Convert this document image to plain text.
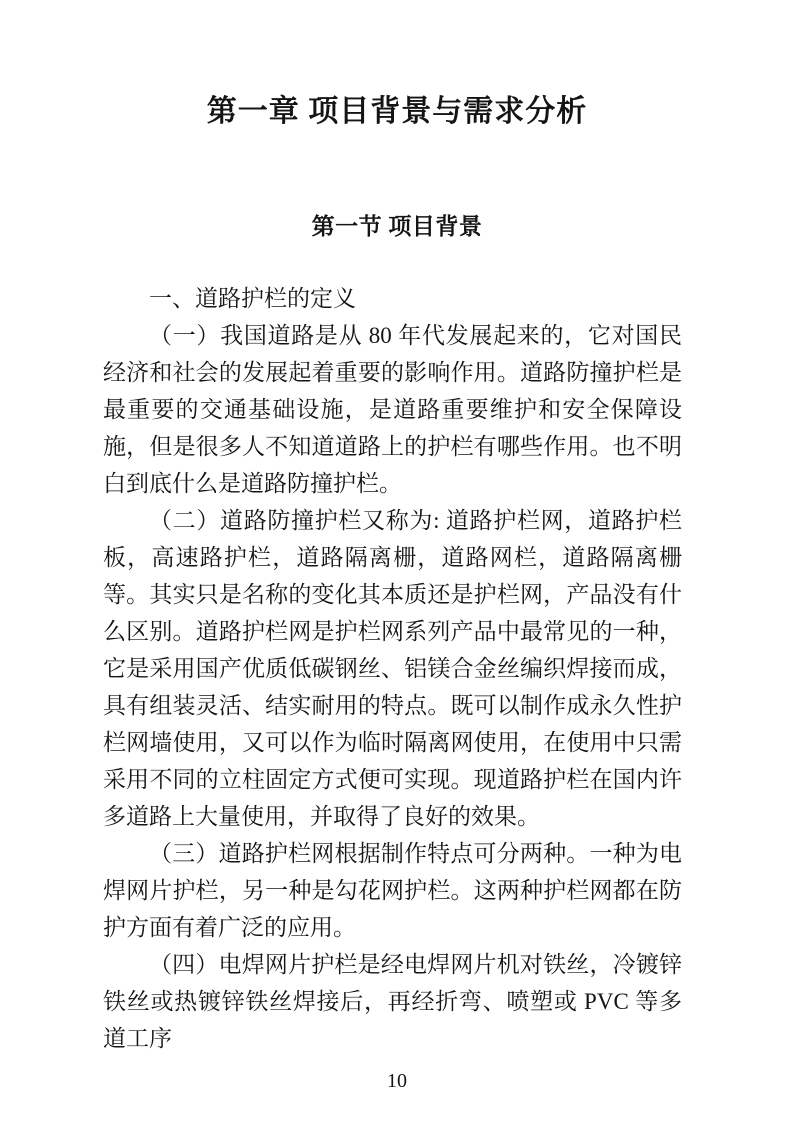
第一章 项目背景与需求分析
第一节 项目背景

一、道路护栏的定义

（一）我国道路是从 80 年代发展起来的，它对国民经济和社会的发展起着重要的影响作用。道路防撞护栏是最重要的交通基础设施，是道路重要维护和安全保障设施，但是很多人不知道道路上的护栏有哪些作用。也不明白到底什么是道路防撞护栏。

（二）道路防撞护栏又称为: 道路护栏网，道路护栏板，高速路护栏，道路隔离栅，道路网栏，道路隔离栅等。其实只是名称的变化其本质还是护栏网，产品没有什么区别。道路护栏网是护栏网系列产品中最常见的一种，它是采用国产优质低碳钢丝、铝镁合金丝编织焊接而成，具有组装灵活、结实耐用的特点。既可以制作成永久性护栏网墙使用，又可以作为临时隔离网使用，在使用中只需采用不同的立柱固定方式便可实现。现道路护栏在国内许多道路上大量使用，并取得了良好的效果。

（三）道路护栏网根据制作特点可分两种。一种为电焊网片护栏，另一种是勾花网护栏。这两种护栏网都在防护方面有着广泛的应用。

（四）电焊网片护栏是经电焊网片机对铁丝，冷镀锌铁丝或热镀锌铁丝焊接后，再经折弯、喷塑或 PVC 等多道工序

10
